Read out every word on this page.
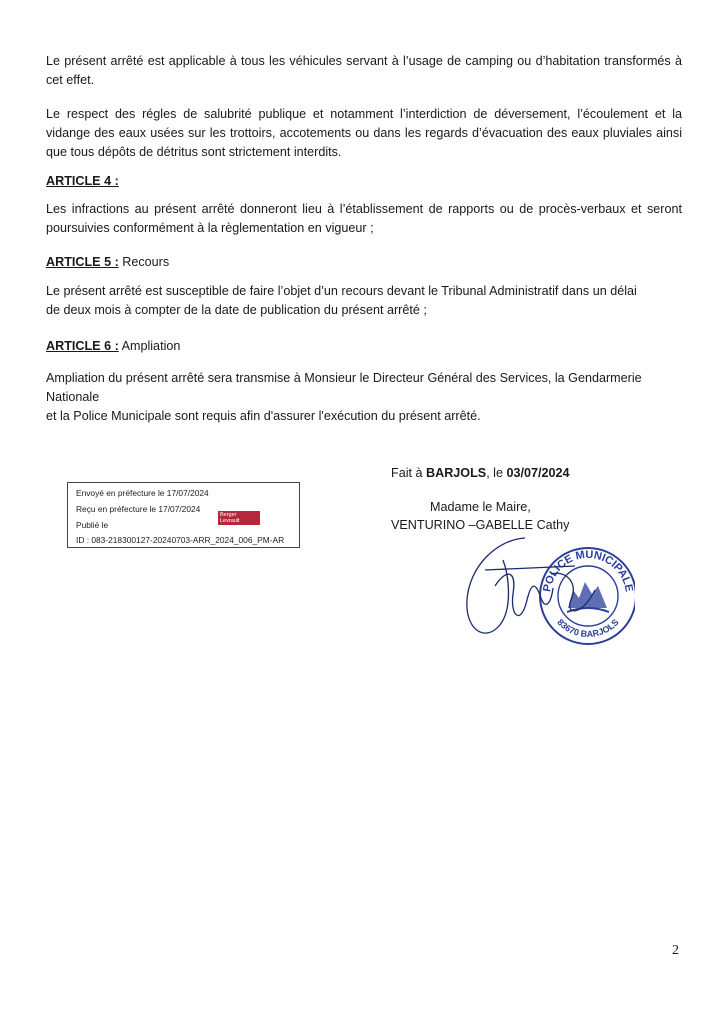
Le présent arrêté est applicable à tous les véhicules servant à l’usage de camping ou d’habitation transformés à cet effet.

Le respect des régles de salubrité publique et notamment l’interdiction de déversement, l’écoulement et la vidange des eaux usées sur les trottoirs, accotements ou dans les regards d’évacuation des eaux pluviales ainsi que tous dépôts de détritus sont strictement interdits.

ARTICLE 4 :

Les infractions au présent arrêté donneront lieu à l’établissement de rapports ou de procès-verbaux et seront poursuivies conformément à la règlementation en vigueur ;

ARTICLE 5 : Recours

Le présent arrêté est susceptible de faire l’objet d’un recours devant le Tribunal Administratif dans un délai
de deux mois à compter de la date de publication du présent arrêté ;

ARTICLE 6 : Ampliation

Ampliation du présent arrêté sera transmise à Monsieur le Directeur Général des Services, la Gendarmerie Nationale
et la Police Municipale sont requis afin d'assurer l'exécution du présent arrêté.
Fait à BARJOLS, le 03/07/2024
Madame le Maire,
VENTURINO –GABELLE Cathy
Envoyé en préfecture le 17/07/2024
Reçu en préfecture le 17/07/2024
Publié le
ID : 083-218300127-20240703-ARR_2024_006_PM-AR
Berger
Levrault
POLICE MUNICIPALE
83670 BARJOLS
2
